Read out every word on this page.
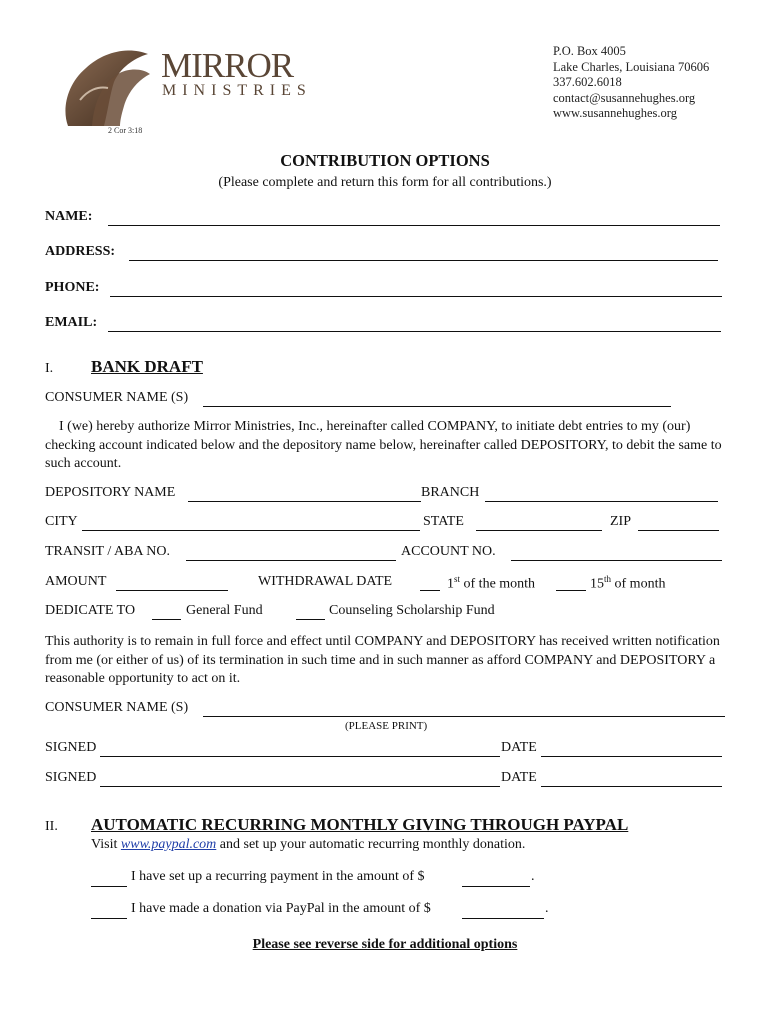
MIRROR
MINISTRIES
2 Cor 3:18
P.O. Box 4005
Lake Charles, Louisiana 70606
337.602.6018
contact@susannehughes.org
www.susannehughes.org
CONTRIBUTION OPTIONS
(Please complete and return this form for all contributions.)
NAME:
ADDRESS:
PHONE:
EMAIL:
I. BANK DRAFT
CONSUMER NAME (S)
I (we) hereby authorize Mirror Ministries, Inc., hereinafter called COMPANY, to initiate debt entries to my (our) checking account indicated below and the depository name below, hereinafter called DEPOSITORY, to debit the same to such account.
DEPOSITORY NAME	BRANCH
CITY	STATE	ZIP
TRANSIT / ABA NO.	ACCOUNT NO.
AMOUNT	WITHDRAWAL DATE	1st of the month	15th of month
DEDICATE TO	General Fund	Counseling Scholarship Fund
This authority is to remain in full force and effect until COMPANY and DEPOSITORY has received written notification from me (or either of us) of its termination in such time and in such manner as afford COMPANY and DEPOSITORY a reasonable opportunity to act on it.
CONSUMER NAME (S)
(PLEASE PRINT)
SIGNED	DATE
SIGNED	DATE
II. AUTOMATIC RECURRING MONTHLY GIVING THROUGH PAYPAL
Visit www.paypal.com and set up your automatic recurring monthly donation.
I have set up a recurring payment in the amount of $	.
I have made a donation via PayPal in the amount of $	.
Please see reverse side for additional options
